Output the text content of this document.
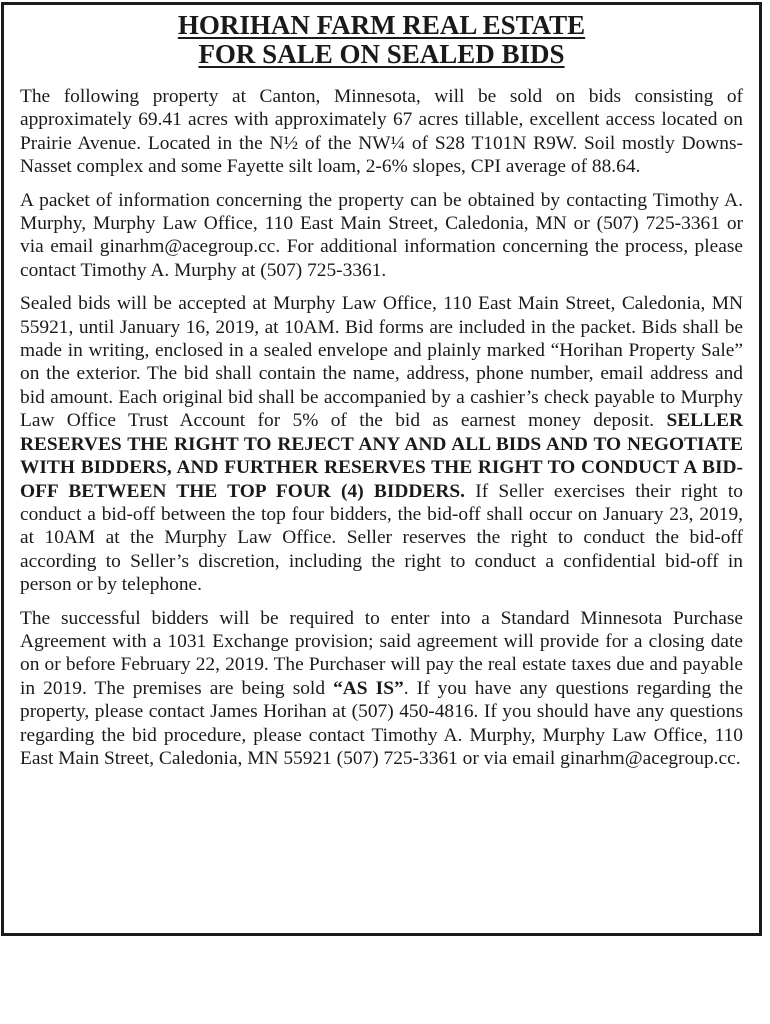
HORIHAN FARM REAL ESTATE
FOR SALE ON SEALED BIDS

The following property at Canton, Minnesota, will be sold on bids consisting of approximately 69.41 acres with approximately 67 acres tillable, excellent access located on Prairie Avenue. Located in the N½ of the NW¼ of S28 T101N R9W. Soil mostly Downs-Nasset complex and some Fayette silt loam, 2-6% slopes, CPI average of 88.64.

A packet of information concerning the property can be obtained by contacting Timothy A. Murphy, Murphy Law Office, 110 East Main Street, Caledonia, MN or (507) 725-3361 or via email ginarhm@acegroup.cc. For additional information concerning the process, please contact Timothy A. Murphy at (507) 725-3361.

Sealed bids will be accepted at Murphy Law Office, 110 East Main Street, Caledonia, MN 55921, until January 16, 2019, at 10AM. Bid forms are included in the packet. Bids shall be made in writing, enclosed in a sealed envelope and plainly marked “Horihan Property Sale” on the exterior. The bid shall contain the name, address, phone number, email address and bid amount. Each original bid shall be accompanied by a cashier’s check payable to Murphy Law Office Trust Account for 5% of the bid as earnest money deposit. SELLER RESERVES THE RIGHT TO REJECT ANY AND ALL BIDS AND TO NEGOTIATE WITH BIDDERS, AND FURTHER RESERVES THE RIGHT TO CONDUCT A BID-OFF BETWEEN THE TOP FOUR (4) BIDDERS. If Seller exercises their right to conduct a bid-off between the top four bidders, the bid-off shall occur on January 23, 2019, at 10AM at the Murphy Law Office. Seller reserves the right to conduct the bid-off according to Seller’s discretion, including the right to conduct a confidential bid-off in person or by telephone.

The successful bidders will be required to enter into a Standard Minnesota Purchase Agreement with a 1031 Exchange provision; said agreement will provide for a closing date on or before February 22, 2019. The Purchaser will pay the real estate taxes due and payable in 2019. The premises are being sold “AS IS”. If you have any questions regarding the property, please contact James Horihan at (507) 450-4816. If you should have any questions regarding the bid procedure, please contact Timothy A. Murphy, Murphy Law Office, 110 East Main Street, Caledonia, MN 55921 (507) 725-3361 or via email ginarhm@acegroup.cc.
